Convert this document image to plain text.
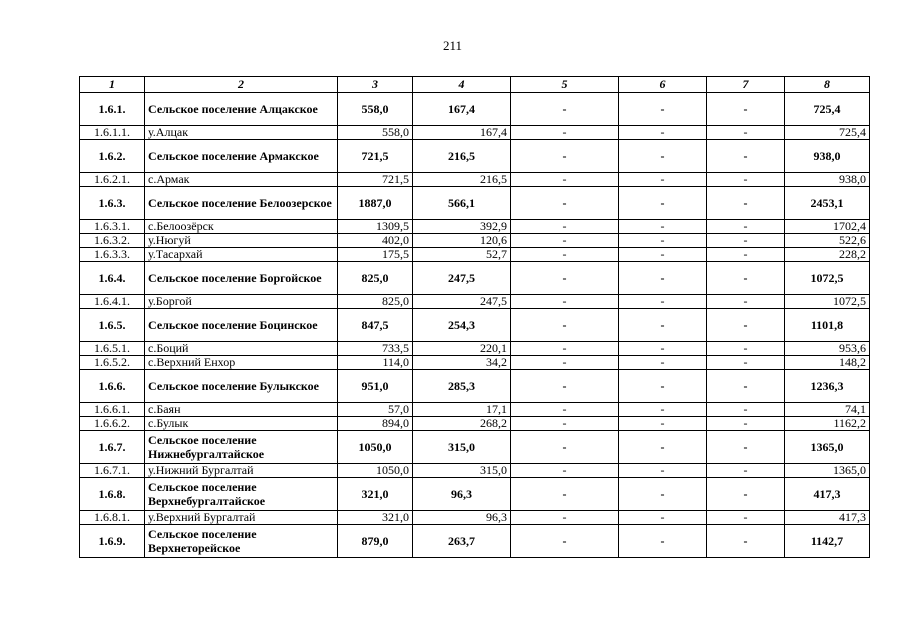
211
1	2	3	4	5	6	7	8
1.6.1.	Сельское поселение Алцакское	558,0	167,4	-	-	-	725,4
1.6.1.1.	у.Алцак	558,0	167,4	-	-	-	725,4
1.6.2.	Сельское поселение Армакское	721,5	216,5	-	-	-	938,0
1.6.2.1.	с.Армак	721,5	216,5	-	-	-	938,0
1.6.3.	Сельское поселение Белоозерское	1887,0	566,1	-	-	-	2453,1
1.6.3.1.	с.Белоозёрск	1309,5	392,9	-	-	-	1702,4
1.6.3.2.	у.Нюгуй	402,0	120,6	-	-	-	522,6
1.6.3.3.	у.Тасархай	175,5	52,7	-	-	-	228,2
1.6.4.	Сельское поселение Боргойское	825,0	247,5	-	-	-	1072,5
1.6.4.1.	у.Боргой	825,0	247,5	-	-	-	1072,5
1.6.5.	Сельское поселение Боцинское	847,5	254,3	-	-	-	1101,8
1.6.5.1.	с.Боций	733,5	220,1	-	-	-	953,6
1.6.5.2.	с.Верхний Енхор	114,0	34,2	-	-	-	148,2
1.6.6.	Сельское поселение Булыкское	951,0	285,3	-	-	-	1236,3
1.6.6.1.	с.Баян	57,0	17,1	-	-	-	74,1
1.6.6.2.	с.Булык	894,0	268,2	-	-	-	1162,2
1.6.7.	Сельское поселение Нижнебургалтайское	1050,0	315,0	-	-	-	1365,0
1.6.7.1.	у.Нижний Бургалтай	1050,0	315,0	-	-	-	1365,0
1.6.8.	Сельское поселение Верхнебургалтайское	321,0	96,3	-	-	-	417,3
1.6.8.1.	у.Верхний Бургалтай	321,0	96,3	-	-	-	417,3
1.6.9.	Сельское поселение Верхнеторейское	879,0	263,7	-	-	-	1142,7
